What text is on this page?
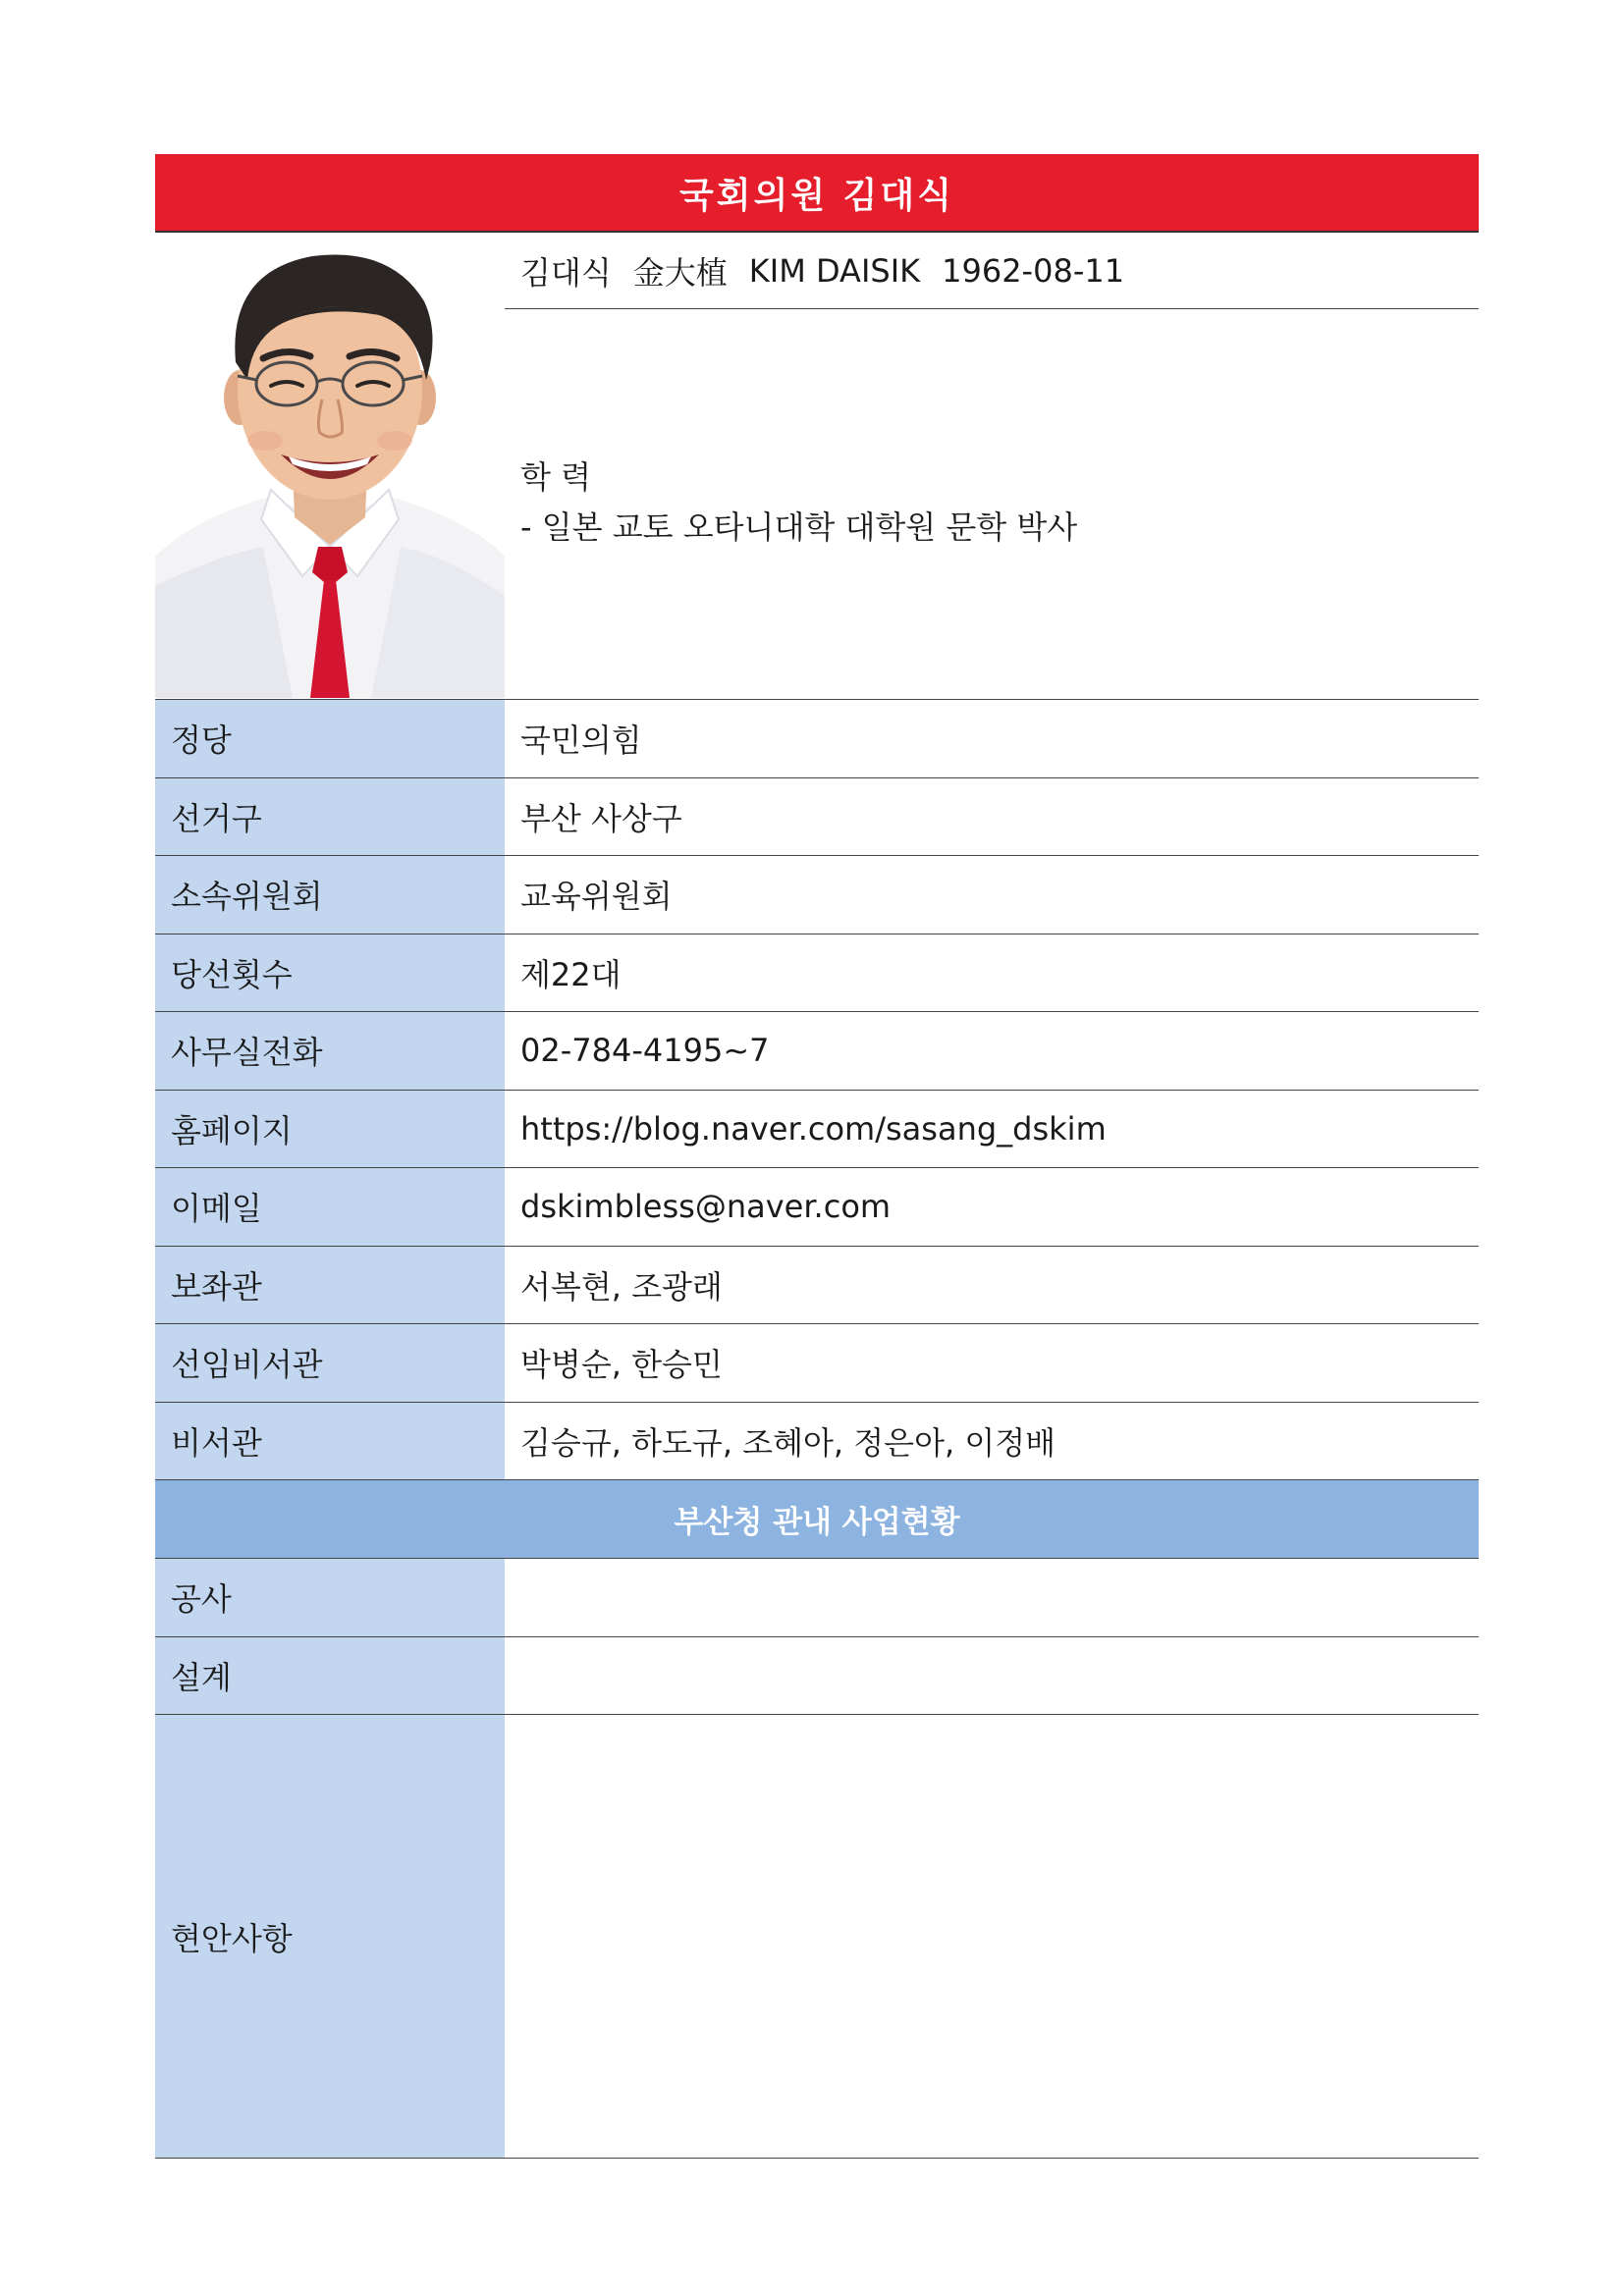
국회의원 김대식
김대식 金大植 KIM DAISIK 1962-08-11
학 력
- 일본 교토 오타니대학 대학원 문학 박사
정당	국민의힘
선거구	부산 사상구
소속위원회	교육위원회
당선횟수	제22대
사무실전화	02-784-4195~7
홈페이지	https://blog.naver.com/sasang_dskim
이메일	dskimbless@naver.com
보좌관	서복현, 조광래
선임비서관	박병순, 한승민
비서관	김승규, 하도규, 조혜아, 정은아, 이정배
부산청 관내 사업현황
공사
설계
현안사항
